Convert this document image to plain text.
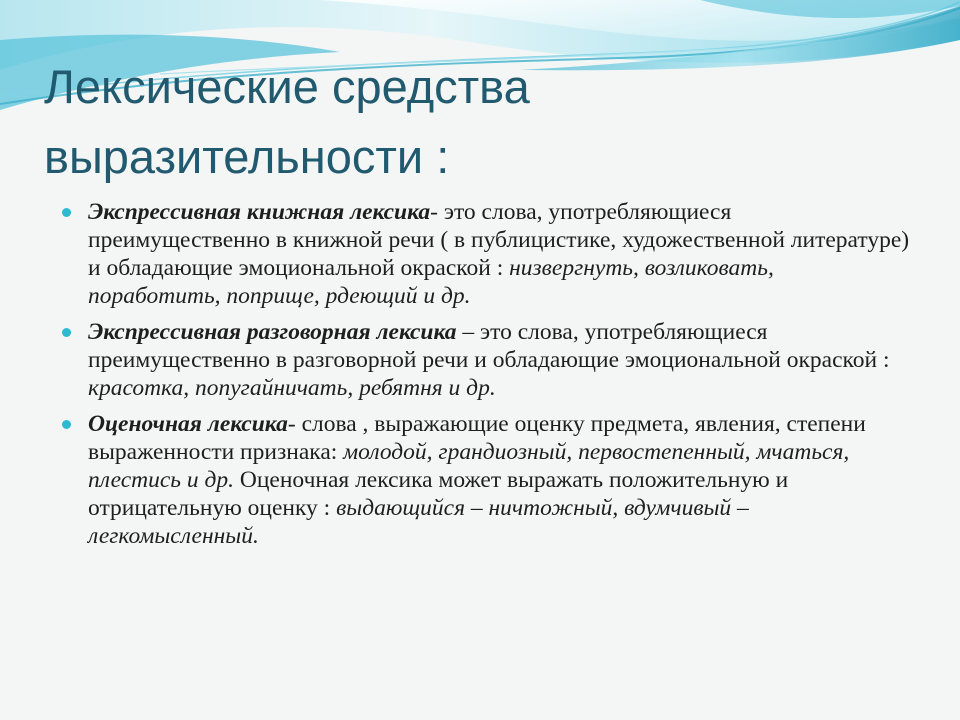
Лексические средства
выразительности :
Экспрессивная книжная лексика- это слова, употребляющиеся преимущественно в книжной речи ( в публицистике, художественной литературе) и обладающие эмоциональной окраской : низвергнуть, возликовать, поработить, поприще, рдеющий и др.
Экспрессивная разговорная лексика – это слова, употребляющиеся преимущественно в разговорной речи и обладающие эмоциональной окраской : красотка, попугайничать, ребятня и др.
Оценочная лексика- слова , выражающие оценку предмета, явления, степени выраженности признака: молодой, грандиозный, первостепенный, мчаться, плестись и др. Оценочная лексика может выражать положительную и отрицательную оценку : выдающийся – ничтожный, вдумчивый – легкомысленный.
